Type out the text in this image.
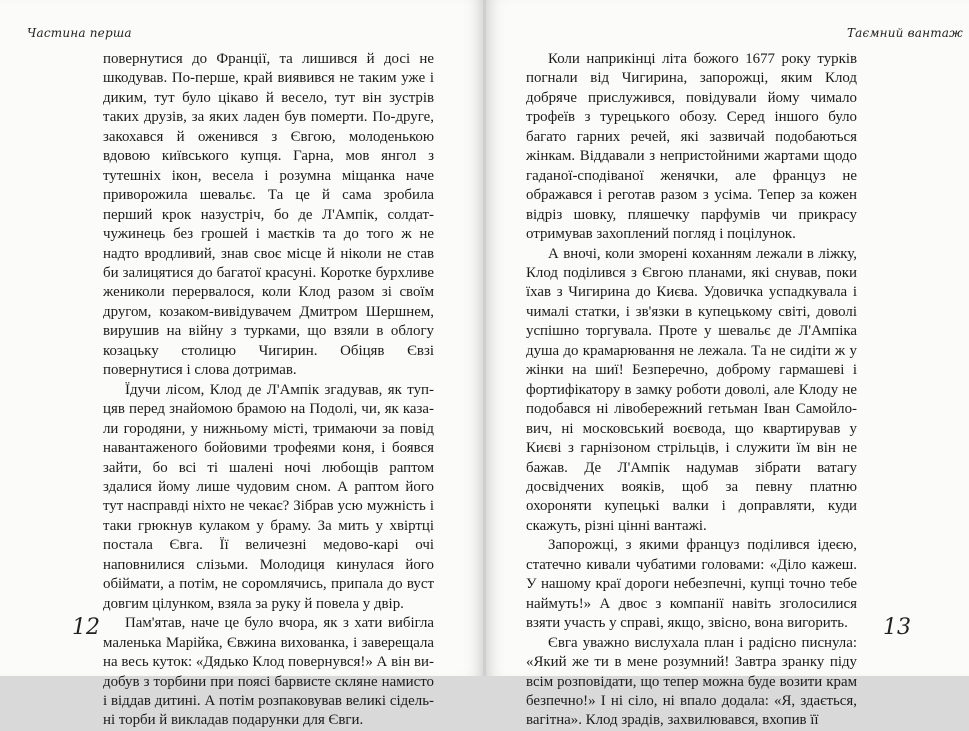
Частина перша

повернутися до Франції, та лишився й досі не шкодував. По-перше, край виявився не таким уже і диким, тут було цікаво й весело, тут він зустрів таких друзів, за яких ладен був померти. По-друге, закохався й оженився з Євгою, молоденькою вдовою київського купця. Гарна, мов янгол з тутешніх ікон, весела і розумна міщанка наче приворожила шевальє. Та це й сама зробила перший крок назустріч, бо де Л'Ампік, солдат-чужинець без грошей і маєтків та до того ж не надто вродливий, знав своє місце й ніколи не став би залицятися до багатої красуні. Коротке бурхливе жениколи перервалося, коли Клод разом зі своїм другом, козаком-вивідувачем Дмитром Шершнем, вирушив на війну з турками, що взяли в облогу козацьку столицю Чигирин. Обіцяв Євзі повернутися і слова дотримав.

Їдучи лісом, Клод де Л'Ампік згадував, як тупцяв перед знайомою брамою на Подолі, чи, як казали городяни, у нижньому місті, тримаючи за повід навантаженого бойовими трофеями коня, і боявся зайти, бо всі ті шалені ночі любощів раптом здалися йому лише чудовим сном. А раптом його тут насправді ніхто не чекає? Зібрав усю мужність і таки грюкнув кулаком у браму. За мить у хвіртці постала Євга. Її величезні медово-карі очі наповнилися слізьми. Молодиця кинулася його обіймати, а потім, не соромлячись, припала до вуст довгим цілунком, взяла за руку й повела у двір.

Пам'ятав, наче це було вчора, як з хати вибігла маленька Марійка, Євжина вихованка, і заверещала на весь куток: «Дядько Клод повернувся!» А він видобув з торбини при поясі барвисте скляне намисто і віддав дитині. А потім розпаковував великі сідельні торби й викладав подарунки для Євги.

12
Таємний вантаж

Коли наприкінці літа божого 1677 року турків погнали від Чигирина, запорожці, яким Клод добряче прислужився, повідували йому чимало трофеїв з турецького обозу. Серед іншого було багато гарних речей, які зазвичай подобаються жінкам. Віддавали з непристойними жартами щодо гаданої-сподіваної женячки, але француз не ображався і реготав разом з усіма. Тепер за кожен відріз шовку, пляшечку парфумів чи прикрасу отримував захоплений погляд і поцілунок.

А вночі, коли зморені коханням лежали в ліжку, Клод поділився з Євгою планами, які снував, поки їхав з Чигирина до Києва. Удовичка успадкувала і чималі статки, і зв'язки в купецькому світі, доволі успішно торгувала. Проте у шевальє де Л'Ампіка душа до крамарювання не лежала. Та не сидіти ж у жінки на шиї! Безперечно, доброму гармашеві і фортифікатору в замку роботи доволі, але Клоду не подобався ні лівобережний гетьман Іван Самойлович, ні московський воєвода, що квартирував у Києві з гарнізоном стрільців, і служити їм він не бажав. Де Л'Ампік надумав зібрати ватагу досвідчених вояків, щоб за певну платню охороняти купецькі валки і доправляти, куди скажуть, різні цінні вантажі.

Запорожці, з якими француз поділився ідеєю, статечно кивали чубатими головами: «Діло кажеш. У нашому краї дороги небезпечні, купці точно тебе наймуть!» А двоє з компанії навіть зголосилися взяти участь у справі, якщо, звісно, вона вигорить.

Євга уважно вислухала план і радісно писнула: «Який же ти в мене розумний! Завтра зранку піду всім розповідати, що тепер можна буде возити крам безпечно!» І ні сіло, ні впало додала: «Я, здається, вагітна». Клод зрадів, захвилювався, вхопив її

13
